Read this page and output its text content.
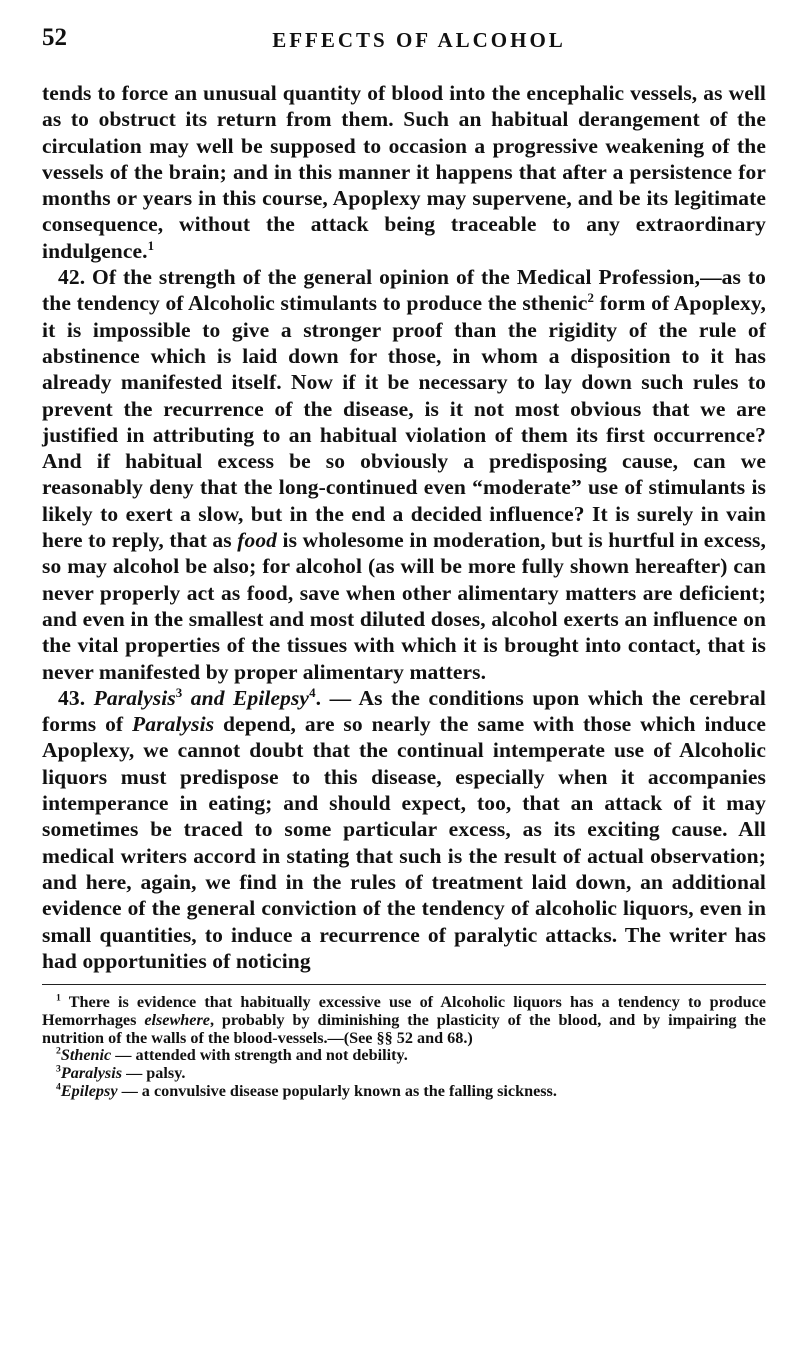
52	EFFECTS OF ALCOHOL

tends to force an unusual quantity of blood into the encephalic vessels, as well as to obstruct its return from them. Such an habitual derangement of the circulation may well be supposed to occasion a progressive weakening of the vessels of the brain; and in this manner it happens that after a persistence for months or years in this course, Apoplexy may supervene, and be its legitimate consequence, without the attack being traceable to any extraordinary indulgence.$^1$

42. Of the strength of the general opinion of the Medical Profession,—as to the tendency of Alcoholic stimulants to produce the sthenic$^2$ form of Apoplexy, it is impossible to give a stronger proof than the rigidity of the rule of abstinence which is laid down for those, in whom a disposition to it has already manifested itself. Now if it be necessary to lay down such rules to prevent the recurrence of the disease, is it not most obvious that we are justified in attributing to an habitual violation of them its first occurrence? And if habitual excess be so obviously a predisposing cause, can we reasonably deny that the long-continued even “moderate” use of stimulants is likely to exert a slow, but in the end a decided influence? It is surely in vain here to reply, that as food is wholesome in moderation, but is hurtful in excess, so may alcohol be also; for alcohol (as will be more fully shown hereafter) can never properly act as food, save when other alimentary matters are deficient; and even in the smallest and most diluted doses, alcohol exerts an influence on the vital properties of the tissues with which it is brought into contact, that is never manifested by proper alimentary matters.

43. Paralysis$^3$ and Epilepsy$^4$. — As the conditions upon which the cerebral forms of Paralysis depend, are so nearly the same with those which induce Apoplexy, we cannot doubt that the continual intemperate use of Alcoholic liquors must predispose to this disease, especially when it accompanies intemperance in eating; and should expect, too, that an attack of it may sometimes be traced to some particular excess, as its exciting cause. All medical writers accord in stating that such is the result of actual observation; and here, again, we find in the rules of treatment laid down, an additional evidence of the general conviction of the tendency of alcoholic liquors, even in small quantities, to induce a recurrence of paralytic attacks. The writer has had opportunities of noticing

$^1$ There is evidence that habitually excessive use of Alcoholic liquors has a tendency to produce Hemorrhages elsewhere, probably by diminishing the plasticity of the blood, and by impairing the nutrition of the walls of the blood-vessels.—(See §§ 52 and 68.)

$^2$Sthenic — attended with strength and not debility.

$^3$Paralysis — palsy.

$^4$Epilepsy — a convulsive disease popularly known as the falling sickness.
